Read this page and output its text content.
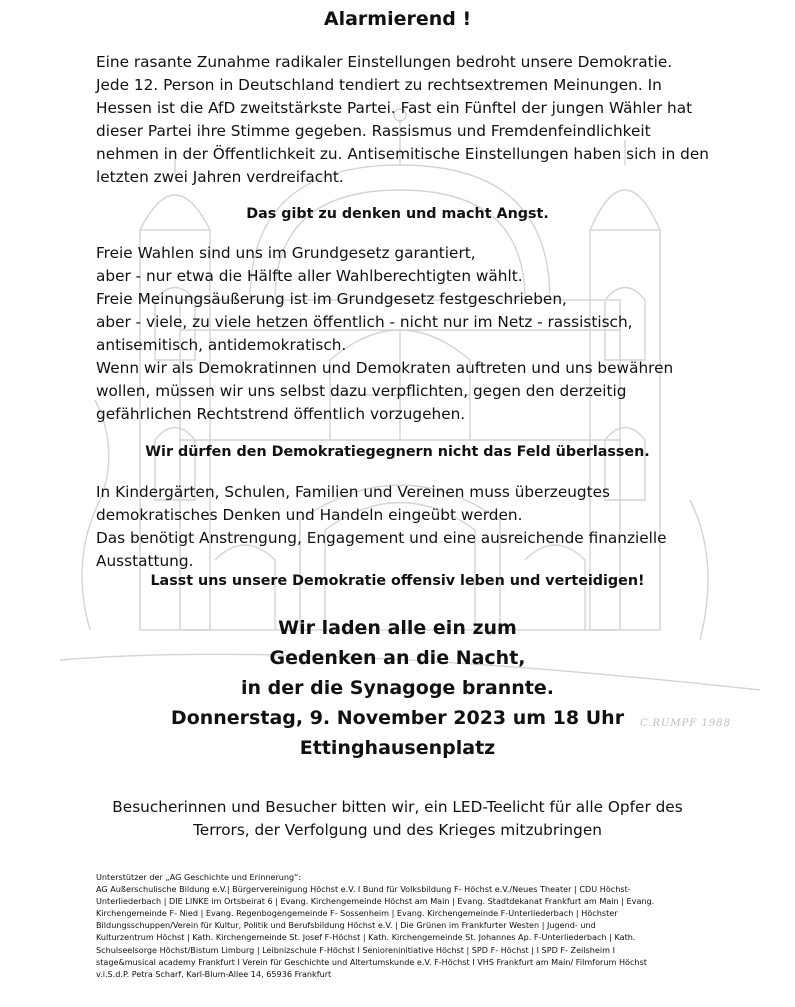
Alarmierend !
Eine rasante Zunahme radikaler Einstellungen bedroht unsere Demokratie.
Jede 12. Person in Deutschland tendiert zu rechtsextremen Meinungen. In
Hessen ist die AfD zweitstärkste Partei. Fast ein Fünftel der jungen Wähler hat
dieser Partei ihre Stimme gegeben. Rassismus und Fremdenfeindlichkeit
nehmen in der Öffentlichkeit zu. Antisemitische Einstellungen haben sich in den
letzten zwei Jahren verdreifacht.
Das gibt zu denken und macht Angst.
Freie Wahlen sind uns im Grundgesetz garantiert,
aber - nur etwa die Hälfte aller Wahlberechtigten wählt.
Freie Meinungsäußerung ist im Grundgesetz festgeschrieben,
aber - viele, zu viele hetzen öffentlich - nicht nur im Netz - rassistisch,
antisemitisch, antidemokratisch.
Wenn wir als Demokratinnen und Demokraten auftreten und uns bewähren
wollen, müssen wir uns selbst dazu verpflichten, gegen den derzeitig
gefährlichen Rechtstrend öffentlich vorzugehen.
Wir dürfen den Demokratiegegnern nicht das Feld überlassen.
In Kindergärten, Schulen, Familien und Vereinen muss überzeugtes
demokratisches Denken und Handeln eingeübt werden.
Das benötigt Anstrengung, Engagement und eine ausreichende finanzielle
Ausstattung.
Lasst uns unsere Demokratie offensiv leben und verteidigen!
Wir laden alle ein zum
Gedenken an die Nacht,
in der die Synagoge brannte.
Donnerstag, 9. November 2023 um 18 Uhr
Ettinghausenplatz
C.RUMPF 1988
Besucherinnen und Besucher bitten wir, ein LED-Teelicht für alle Opfer des
Terrors, der Verfolgung und des Krieges mitzubringen
Unterstützer der „AG Geschichte und Erinnerung“:
AG Außerschulische Bildung e.V.| Bürgervereinigung Höchst e.V. I Bund für Volksbildung F- Höchst e.V./Neues Theater | CDU Höchst-
Unterliederbach | DIE LINKE im Ortsbeirat 6 | Evang. Kirchengemeinde Höchst am Main | Evang. Stadtdekanat Frankfurt am Main | Evang.
Kirchengemeinde F- Nied | Evang. Regenbogengemeinde F- Sossenheim | Evang. Kirchengemeinde F-Unterliederbach | Höchster
Bildungsschuppen/Verein für Kultur, Politik und Berufsbildung Höchst e.V. | Die Grünen im Frankfurter Westen | Jugend- und
Kulturzentrum Höchst | Kath. Kirchengemeinde St. Josef F-Höchst | Kath. Kirchengemeinde St. Johannes Ap. F-Unterliederbach | Kath.
Schulseelsorge Höchst/Bistum Limburg | Leibnizschule F-Höchst I Senioreninitiative Höchst | SPD F- Höchst | I SPD F- Zeilsheim I
stage&musical academy Frankfurt I Verein für Geschichte und Altertumskunde e.V. F-Höchst I VHS Frankfurt am Main/ Filmforum Höchst
v.i.S.d.P. Petra Scharf, Karl-Blum-Allee 14, 65936 Frankfurt
